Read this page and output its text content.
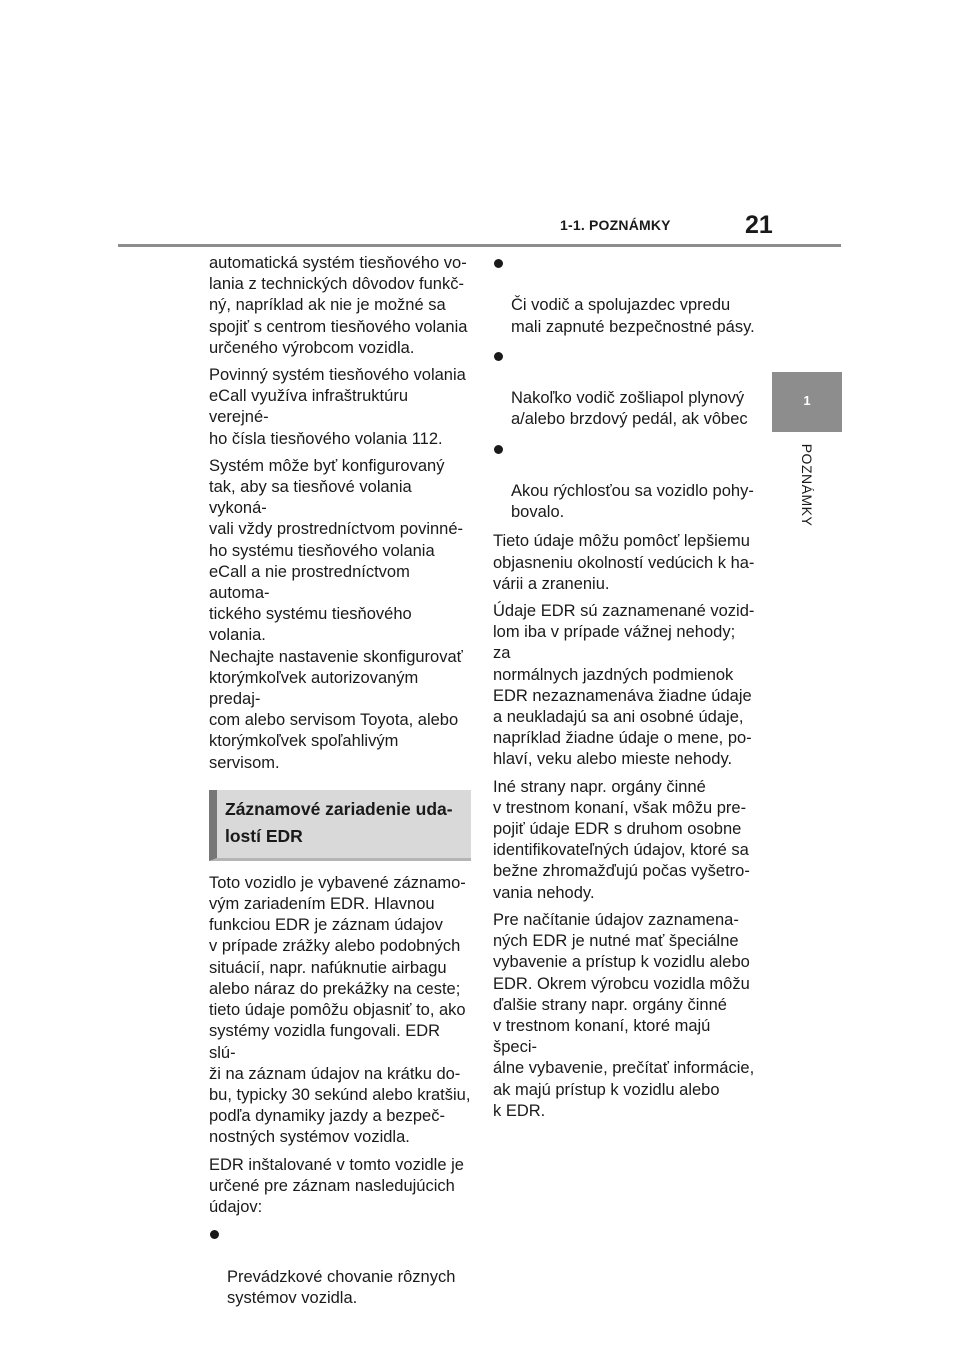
1-1. POZNÁMKY	21
1
POZNÁMKY

automatická systém tiesňového vo-
lania z technických dôvodov funkč-
ný, napríklad ak nie je možné sa
spojiť s centrom tiesňového volania
určeného výrobcom vozidla.

Povinný systém tiesňového volania
eCall využíva infraštruktúru verejné-
ho čísla tiesňového volania 112.

Systém môže byť konfigurovaný
tak, aby sa tiesňové volania vykoná-
vali vždy prostredníctvom povinné-
ho systému tiesňového volania
eCall a nie prostredníctvom automa-
tického systému tiesňového volania.
Nechajte nastavenie skonfigurovať
ktorýmkoľvek autorizovaným predaj-
com alebo servisom Toyota, alebo
ktorýmkoľvek spoľahlivým servisom.

Záznamové zariadenie uda-
lostí EDR

Toto vozidlo je vybavené záznamo-
vým zariadením EDR. Hlavnou
funkciou EDR je záznam údajov
v prípade zrážky alebo podobných
situácií, napr. nafúknutie airbagu
alebo náraz do prekážky na ceste;
tieto údaje pomôžu objasniť to, ako
systémy vozidla fungovali. EDR slú-
ži na záznam údajov na krátku do-
bu, typicky 30 sekúnd alebo kratšiu,
podľa dynamiky jazdy a bezpeč-
nostných systémov vozidla.

EDR inštalované v tomto vozidle je
určené pre záznam nasledujúcich
údajov:

Prevádzkové chovanie rôznych
systémov vozidla.

Či vodič a spolujazdec vpredu
mali zapnuté bezpečnostné pásy.

Nakoľko vodič zošliapol plynový
a/alebo brzdový pedál, ak vôbec

Akou rýchlosťou sa vozidlo pohy-
bovalo.

Tieto údaje môžu pomôcť lepšiemu
objasneniu okolností vedúcich k ha-
várii a zraneniu.

Údaje EDR sú zaznamenané vozid-
lom iba v prípade vážnej nehody; za
normálnych jazdných podmienok
EDR nezaznamenáva žiadne údaje
a neukladajú sa ani osobné údaje,
napríklad žiadne údaje o mene, po-
hlaví, veku alebo mieste nehody.

Iné strany napr. orgány činné
v trestnom konaní, však môžu pre-
pojiť údaje EDR s druhom osobne
identifikovateľných údajov, ktoré sa
bežne zhromažďujú počas vyšetro-
vania nehody.

Pre načítanie údajov zaznamena-
ných EDR je nutné mať špeciálne
vybavenie a prístup k vozidlu alebo
EDR. Okrem výrobcu vozidla môžu
ďalšie strany napr. orgány činné
v trestnom konaní, ktoré majú špeci-
álne vybavenie, prečítať informácie,
ak majú prístup k vozidlu alebo
k EDR.
